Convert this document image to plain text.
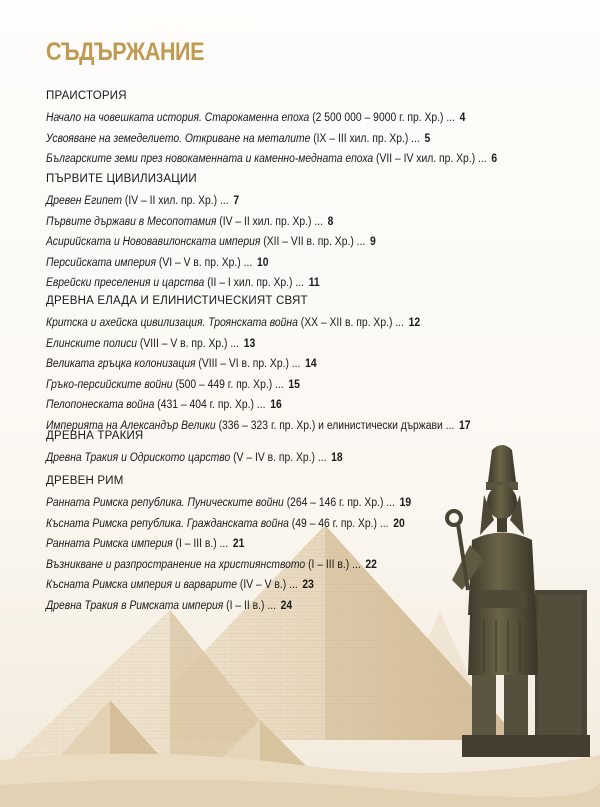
СЪДЪРЖАНИЕ
ПРАИСТОРИЯ
Начало на човешката история. Старокаменна епоха (2 500 000 – 9000 г. пр. Хр.) ... 4
Усвояване на земеделието. Откриване на металите (IX – III хил. пр. Хр.) ... 5
Българските земи през новокаменната и каменно-медната епоха (VII – IV хил. пр. Хр.) ... 6
ПЪРВИТЕ ЦИВИЛИЗАЦИИ
Древен Египет (IV – II хил. пр. Хр.) ... 7
Първите държави в Месопотамия (IV – II хил. пр. Хр.) ... 8
Асирийската и Нововавилонската империя (XII – VII в. пр. Хр.) ... 9
Персийската империя (VI – V в. пр. Хр.) ... 10
Еврейски преселения и царства (II – I хил. пр. Хр.) ... 11
ДРЕВНА ЕЛАДА И ЕЛИНИСТИЧЕСКИЯТ СВЯТ
Критска и ахейска цивилизация. Троянската война (XX – XII в. пр. Хр.) ... 12
Елинските полиси (VIII – V в. пр. Хр.) ... 13
Великата гръцка колонизация (VIII – VI в. пр. Хр.) ... 14
Гръко-персийските войни (500 – 449 г. пр. Хр.) ... 15
Пелопонеската война (431 – 404 г. пр. Хр.) ... 16
Империята на Александър Велики (336 – 323 г. пр. Хр.) и елинистически държави ... 17
ДРЕВНА ТРАКИЯ
Древна Тракия и Одриското царство (V – IV в. пр. Хр.) ... 18
ДРЕВЕН РИМ
Ранната Римска република. Пуническите войни (264 – 146 г. пр. Хр.) ... 19
Късната Римска република. Гражданската война (49 – 46 г. пр. Хр.) ... 20
Ранната Римска империя (I – III в.) ... 21
Възникване и разпространение на християнството (I – III в.) ... 22
Късната Римска империя и варварите (IV – V в.) ... 23
Древна Тракия в Римската империя (I – II в.) ... 24
